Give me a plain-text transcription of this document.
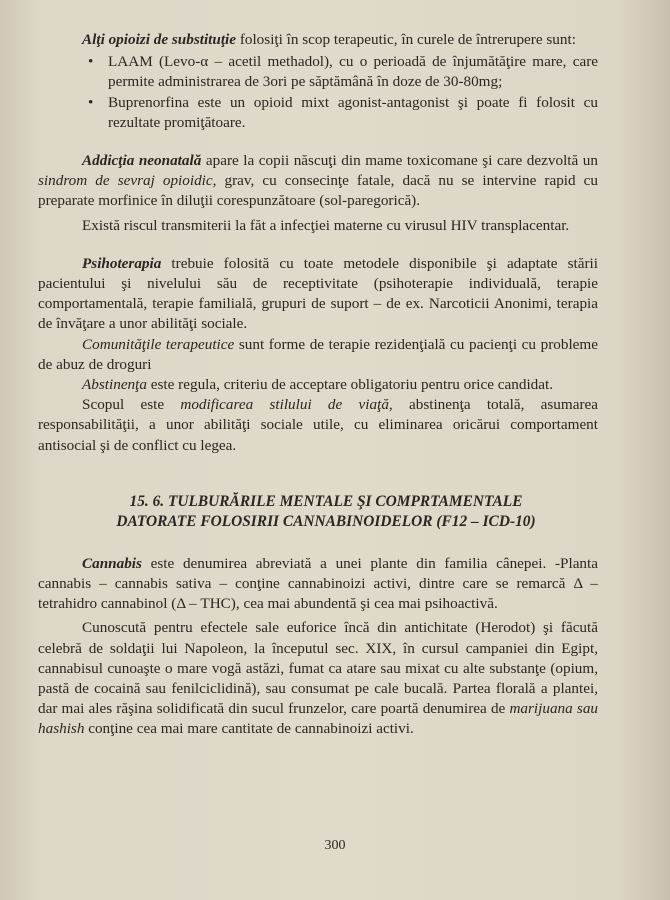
Alţi opioizi de substituţie folosiţi în scop terapeutic, în curele de întrerupere sunt:

• LAAM (Levo-α – acetil methadol), cu o perioadă de înjumătăţire mare, care permite administrarea de 3ori pe săptămână în doze de 30-80mg;
• Buprenorfina este un opioid mixt agonist-antagonist şi poate fi folosit cu rezultate promiţătoare.

Addicţia neonatală apare la copii născuţi din mame toxicomane şi care dezvoltă un sindrom de sevraj opioidic, grav, cu consecinţe fatale, dacă nu se intervine rapid cu preparate morfinice în diluţii corespunzătoare (sol-paregorică).

Există riscul transmiterii la făt a infecţiei materne cu virusul HIV transplacentar.

Psihoterapia trebuie folosită cu toate metodele disponibile şi adaptate stării pacientului şi nivelului său de receptivitate (psihoterapie individuală, terapie comportamentală, terapie familială, grupuri de suport – de ex. Narcoticii Anonimi, terapia de învăţare a unor abilităţi sociale.

Comunităţile terapeutice sunt forme de terapie rezidenţială cu pacienţi cu probleme de abuz de droguri

Abstinenţa este regula, criteriu de acceptare obligatoriu pentru orice candidat.

Scopul este modificarea stilului de viaţă, abstinenţa totală, asumarea responsabilităţii, a unor abilităţi sociale utile, cu eliminarea oricărui comportament antisocial şi de conflict cu legea.

15. 6. TULBURĂRILE MENTALE ŞI COMPRTAMENTALE
DATORATE FOLOSIRII CANNABINOIDELOR (F12 – ICD-10)

Cannabis este denumirea abreviată a unei plante din familia cânepei. -Planta cannabis – cannabis sativa – conţine cannabinoizi activi, dintre care se remarcă Δ – tetrahidro cannabinol (Δ – THC), cea mai abundentă şi cea mai psihoactivă.

Cunoscută pentru efectele sale euforice încă din antichitate (Herodot) şi făcută celebră de soldaţii lui Napoleon, la începutul sec. XIX, în cursul campaniei din Egipt, cannabisul cunoaşte o mare vogă astăzi, fumat ca atare sau mixat cu alte substanţe (opium, pastă de cocaină sau fenilciclidină), sau consumat pe cale bucală. Partea florală a plantei, dar mai ales răşina solidificată din sucul frunzelor, care poartă denumirea de marijuana sau hashish conţine cea mai mare cantitate de cannabinoizi activi.

300
